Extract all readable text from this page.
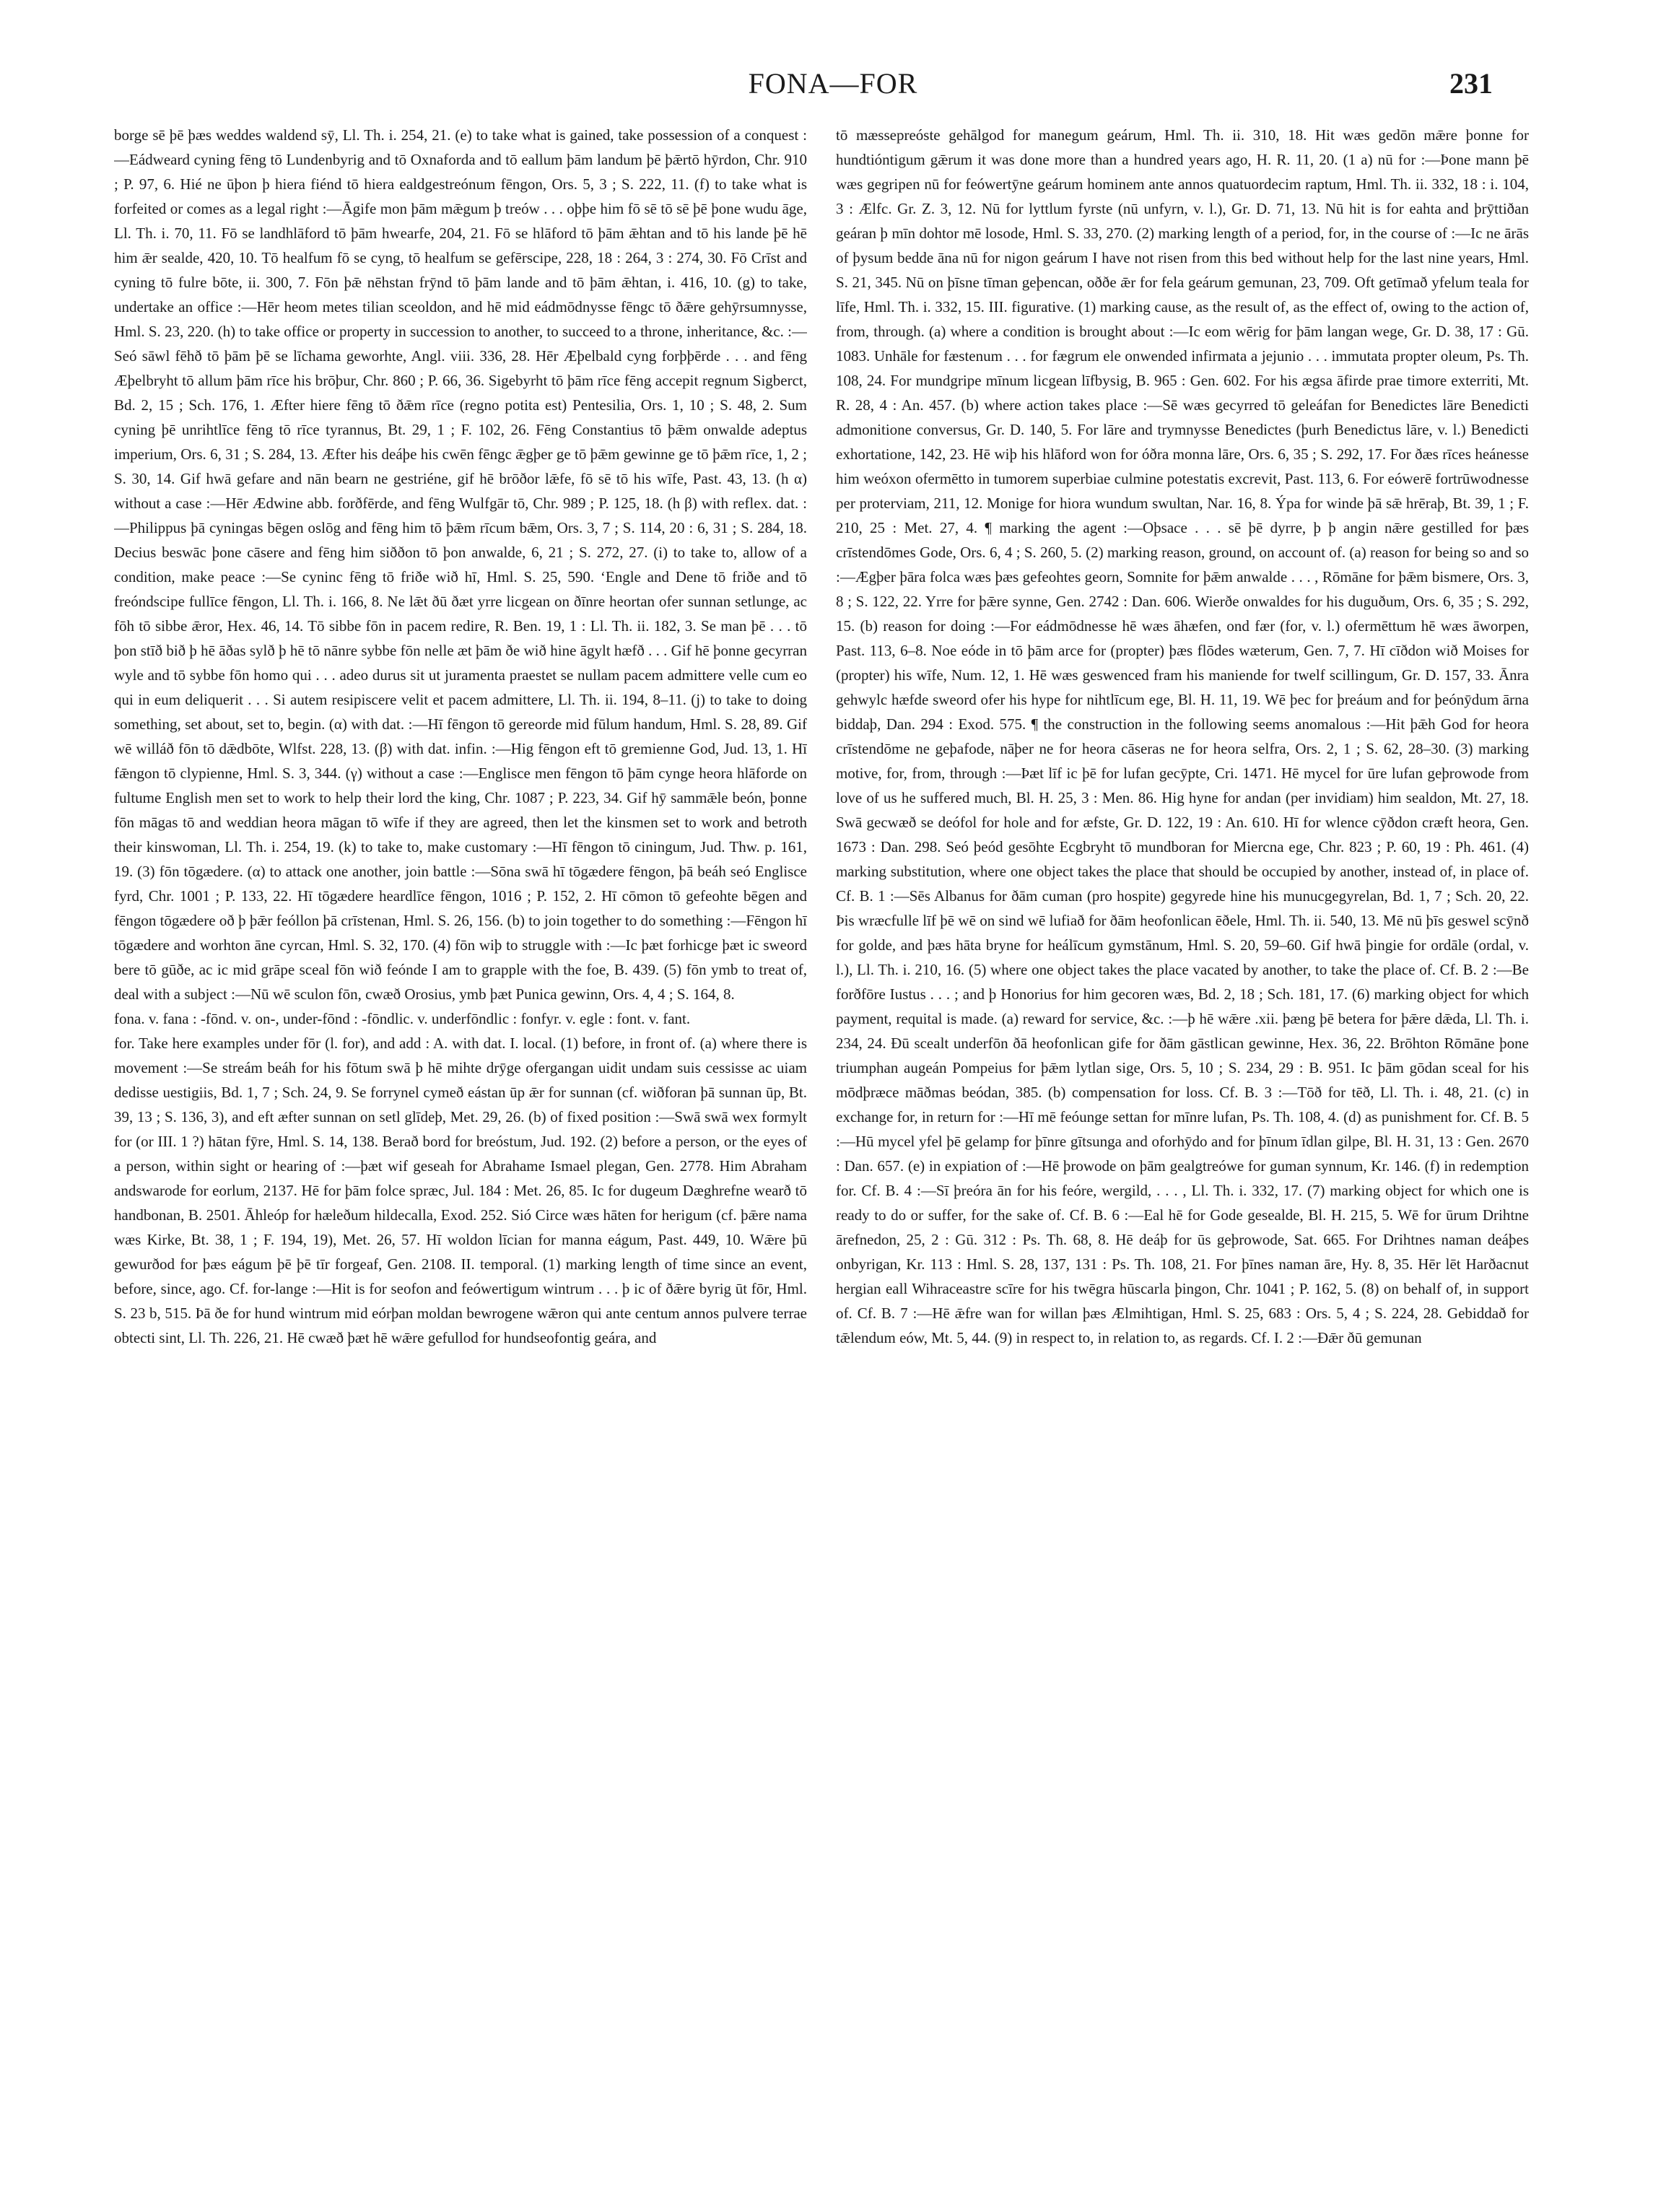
FONA—FOR	231

borge sē þē þæs weddes waldend sȳ, Ll. Th. i. 254, 21. (e) to take what is gained, take possession of a conquest :—Eádweard cyning fēng tō Lundenbyrig and tō Oxnaforda and tō eallum þām landum þē þǣrtō hȳrdon, Chr. 910 ; P. 97, 6. Hié ne ūþon þ hiera fiénd tō hiera ealdgestreónum fēngon, Ors. 5, 3 ; S. 222, 11. (f) to take what is forfeited or comes as a legal right :—Āgife mon þām mǣgum þ treów . . . oþþe him fō sē tō sē þē þone wudu āge, Ll. Th. i. 70, 11. Fō se landhlāford tō þām hwearfe, 204, 21. Fō se hlāford tō þām ǣhtan and tō his lande þē hē him ǣr sealde, 420, 10. Tō healfum fō se cyng, tō healfum se gefērscipe, 228, 18 : 264, 3 : 274, 30. Fō Crīst and cyning tō fulre bōte, ii. 300, 7. Fōn þǣ nēhstan frȳnd tō þām lande and tō þām ǣhtan, i. 416, 10. (g) to take, undertake an office :—Hēr heom metes tilian sceoldon, and hē mid eádmōdnysse fēngc tō ðǣre gehȳrsumnysse, Hml. S. 23, 220. (h) to take office or property in succession to another, to succeed to a throne, inheritance, &c. :—Seó sāwl fēhð tō þām þē se līchama geworhte, Angl. viii. 336, 28. Hēr Æþelbald cyng forþþērde . . . and fēng Æþelbryht tō allum þām rīce his brōþur, Chr. 860 ; P. 66, 36. Sigebyrht tō þām rīce fēng accepit regnum Sigberct, Bd. 2, 15 ; Sch. 176, 1. Æfter hiere fēng tō ðǣm rīce (regno potita est) Pentesilia, Ors. 1, 10 ; S. 48, 2. Sum cyning þē unrihtlīce fēng tō rīce tyrannus, Bt. 29, 1 ; F. 102, 26. Fēng Constantius tō þǣm onwalde adeptus imperium, Ors. 6, 31 ; S. 284, 13. Æfter his deáþe his cwēn fēngc ǣgþer ge tō þǣm gewinne ge tō þǣm rīce, 1, 2 ; S. 30, 14. Gif hwā gefare and nān bearn ne gestriéne, gif hē brōðor lǣfe, fō sē tō his wīfe, Past. 43, 13. (h α) without a case :—Hēr Ædwine abb. forðfērde, and fēng Wulfgār tō, Chr. 989 ; P. 125, 18. (h β) with reflex. dat. :—Philippus þā cyningas bēgen oslōg and fēng him tō þǣm rīcum bǣm, Ors. 3, 7 ; S. 114, 20 : 6, 31 ; S. 284, 18. Decius beswāc þone cāsere and fēng him siððon tō þon anwalde, 6, 21 ; S. 272, 27. (i) to take to, allow of a condition, make peace :—Se cyninc fēng tō friðe wið hī, Hml. S. 25, 590. ‘Engle and Dene tō friðe and tō freóndscipe fullīce fēngon, Ll. Th. i. 166, 8. Ne lǣt ðū ðæt yrre licgean on ðīnre heortan ofer sunnan setlunge, ac fōh tō sibbe ǣror, Hex. 46, 14. Tō sibbe fōn in pacem redire, R. Ben. 19, 1 : Ll. Th. ii. 182, 3. Se man þē . . . tō þon stīð bið þ hē āðas sylð þ hē tō nānre sybbe fōn nelle æt þām ðe wið hine āgylt hæfð . . . Gif hē þonne gecyrran wyle and tō sybbe fōn homo qui . . . adeo durus sit ut juramenta praestet se nullam pacem admittere velle cum eo qui in eum deliquerit . . . Si autem resipiscere velit et pacem admittere, Ll. Th. ii. 194, 8–11. (j) to take to doing something, set about, set to, begin. (α) with dat. :—Hī fēngon tō gereorde mid fūlum handum, Hml. S. 28, 89. Gif wē willáð fōn tō dǣdbōte, Wlfst. 228, 13. (β) with dat. infin. :—Hig fēngon eft tō gremienne God, Jud. 13, 1. Hī fǣngon tō clypienne, Hml. S. 3, 344. (γ) without a case :—Englisce men fēngon tō þām cynge heora hlāforde on fultume English men set to work to help their lord the king, Chr. 1087 ; P. 223, 34. Gif hȳ sammǣle beón, þonne fōn māgas tō and weddian heora māgan tō wīfe if they are agreed, then let the kinsmen set to work and betroth their kinswoman, Ll. Th. i. 254, 19. (k) to take to, make customary :—Hī fēngon tō ciningum, Jud. Thw. p. 161, 19. (3) fōn tōgædere. (α) to attack one another, join battle :—Sōna swā hī tōgædere fēngon, þā beáh seó Englisce fyrd, Chr. 1001 ; P. 133, 22. Hī tōgædere heardlīce fēngon, 1016 ; P. 152, 2. Hī cōmon tō gefeohte bēgen and fēngon tōgædere oð þ þǣr feóllon þā crīstenan, Hml. S. 26, 156. (b) to join together to do something :—Fēngon hī tōgædere and worhton āne cyrcan, Hml. S. 32, 170. (4) fōn wiþ to struggle with :—Ic þæt forhicge þæt ic sweord bere tō gūðe, ac ic mid grāpe sceal fōn wið feónde I am to grapple with the foe, B. 439. (5) fōn ymb to treat of, deal with a subject :—Nū wē sculon fōn, cwæð Orosius, ymb þæt Punica gewinn, Ors. 4, 4 ; S. 164, 8.

fona. v. fana : -fōnd. v. on-, under-fōnd : -fōndlic. v. underfōndlic : fonfyr. v. egle : font. v. fant.

for. Take here examples under fōr (l. for), and add : A. with dat. I. local. (1) before, in front of. (a) where there is movement :—Se streám beáh for his fōtum swā þ hē mihte drȳge ofergangan uidit undam suis cessisse ac uiam dedisse uestigiis, Bd. 1, 7 ; Sch. 24, 9. Se forrynel cymeð eástan ūp ǣr for sunnan (cf. wiðforan þā sunnan ūp, Bt. 39, 13 ; S. 136, 3), and eft æfter sunnan on setl glīdeþ, Met. 29, 26. (b) of fixed position :—Swā swā wex formylt for (or III. 1 ?) hātan fȳre, Hml. S. 14, 138. Berað bord for breóstum, Jud. 192. (2) before a person, or the eyes of a person, within sight or hearing of :—þæt wif geseah for Abrahame Ismael plegan, Gen. 2778. Him Abraham andswarode for eorlum, 2137. Hē for þām folce spræc, Jul. 184 : Met. 26, 85. Ic for dugeum Dæghrefne wearð tō handbonan, B. 2501. Āhleóp for hæleðum hildecalla, Exod. 252. Sió Circe wæs hāten for herigum (cf. þǣre nama wæs Kirke, Bt. 38, 1 ; F. 194, 19), Met. 26, 57. Hī woldon līcian for manna eágum, Past. 449, 10. Wǣre þū gewurðod for þæs eágum þē þē tīr forgeaf, Gen. 2108. II. temporal. (1) marking length of time since an event, before, since, ago. Cf. for-lange :—Hit is for seofon and feówertigum wintrum . . . þ ic of ðǣre byrig ūt fōr, Hml. S. 23 b, 515. Þā ðe for hund wintrum mid eórþan moldan bewrogene wǣron qui ante centum annos pulvere terrae obtecti sint, Ll. Th. 226, 21. Hē cwæð þæt hē wǣre gefullod for hundseofontig geára, and

tō mæssepreóste gehālgod for manegum geárum, Hml. Th. ii. 310, 18. Hit wæs gedōn mǣre þonne for hundtióntigum gǣrum it was done more than a hundred years ago, H. R. 11, 20. (1 a) nū for :—Þone mann þē wæs gegripen nū for feówertȳne geárum hominem ante annos quatuordecim raptum, Hml. Th. ii. 332, 18 : i. 104, 3 : Ælfc. Gr. Z. 3, 12. Nū for lyttlum fyrste (nū unfyrn, v. l.), Gr. D. 71, 13. Nū hit is for eahta and þrȳttiðan geáran þ mīn dohtor mē losode, Hml. S. 33, 270. (2) marking length of a period, for, in the course of :—Ic ne ārās of þysum bedde āna nū for nigon geárum I have not risen from this bed without help for the last nine years, Hml. S. 21, 345. Nū on þīsne tīman geþencan, oððe ǣr for fela geárum gemunan, 23, 709. Oft getīmað yfelum teala for līfe, Hml. Th. i. 332, 15. III. figurative. (1) marking cause, as the result of, as the effect of, owing to the action of, from, through. (a) where a condition is brought about :—Ic eom wērig for þām langan wege, Gr. D. 38, 17 : Gū. 1083. Unhāle for fæstenum . . . for fægrum ele onwended infirmata a jejunio . . . immutata propter oleum, Ps. Th. 108, 24. For mundgripe mīnum licgean līfbysig, B. 965 : Gen. 602. For his ægsa āfirde prae timore exterriti, Mt. R. 28, 4 : An. 457. (b) where action takes place :—Sē wæs gecyrred tō geleáfan for Benedictes lāre Benedicti admonitione conversus, Gr. D. 140, 5. For lāre and trymnysse Benedictes (þurh Benedictus lāre, v. l.) Benedicti exhortatione, 142, 23. Hē wiþ his hlāford won for óðra monna lāre, Ors. 6, 35 ; S. 292, 17. For ðæs rīces heánesse him weóxon ofermētto in tumorem superbiae culmine potestatis excrevit, Past. 113, 6. For eówerē fortrūwodnesse per proterviam, 211, 12. Monige for hiora wundum swultan, Nar. 16, 8. Ýpa for winde þā sǣ hrēraþ, Bt. 39, 1 ; F. 210, 25 : Met. 27, 4. ¶ marking the agent :—Oþsace . . . sē þē dyrre, þ þ angin nǣre gestilled for þæs crīstendōmes Gode, Ors. 6, 4 ; S. 260, 5. (2) marking reason, ground, on account of. (a) reason for being so and so :—Ægþer þāra folca wæs þæs gefeohtes georn, Somnite for þǣm anwalde . . . , Rōmāne for þǣm bismere, Ors. 3, 8 ; S. 122, 22. Yrre for þǣre synne, Gen. 2742 : Dan. 606. Wierðe onwaldes for his duguðum, Ors. 6, 35 ; S. 292, 15. (b) reason for doing :—For eádmōdnesse hē wæs āhæfen, ond fær (for, v. l.) ofermēttum hē wæs āworpen, Past. 113, 6–8. Noe eóde in tō þām arce for (propter) þæs flōdes wæterum, Gen. 7, 7. Hī cīðdon wið Moises for (propter) his wīfe, Num. 12, 1. Hē wæs geswenced fram his maniende for twelf scillingum, Gr. D. 157, 33. Ānra gehwylc hæfde sweord ofer his hype for nihtlīcum ege, Bl. H. 11, 19. Wē þec for þreáum and for þeónȳdum ārna biddaþ, Dan. 294 : Exod. 575. ¶ the construction in the following seems anomalous :—Hit þǣh God for heora crīstendōme ne geþafode, nāþer ne for heora cāseras ne for heora selfra, Ors. 2, 1 ; S. 62, 28–30. (3) marking motive, for, from, through :—Þæt līf ic þē for lufan gecȳpte, Cri. 1471. Hē mycel for ūre lufan geþrowode from love of us he suffered much, Bl. H. 25, 3 : Men. 86. Hig hyne for andan (per invidiam) him sealdon, Mt. 27, 18. Swā gecwæð se deófol for hole and for æfste, Gr. D. 122, 19 : An. 610. Hī for wlence cȳðdon cræft heora, Gen. 1673 : Dan. 298. Seó þeód gesōhte Ecgbryht tō mundboran for Miercna ege, Chr. 823 ; P. 60, 19 : Ph. 461. (4) marking substitution, where one object takes the place that should be occupied by another, instead of, in place of. Cf. B. 1 :—Sēs Albanus for ðām cuman (pro hospite) gegyrede hine his munucgegyrelan, Bd. 1, 7 ; Sch. 20, 22. Þis wræcfulle līf þē wē on sind wē lufiað for ðām heofonlican ēðele, Hml. Th. ii. 540, 13. Mē nū þīs geswel scȳnð for golde, and þæs hāta bryne for heálīcum gymstānum, Hml. S. 20, 59–60. Gif hwā þingie for ordāle (ordal, v. l.), Ll. Th. i. 210, 16. (5) where one object takes the place vacated by another, to take the place of. Cf. B. 2 :—Be forðfōre Iustus . . . ; and þ Honorius for him gecoren wæs, Bd. 2, 18 ; Sch. 181, 17. (6) marking object for which payment, requital is made. (a) reward for service, &c. :—þ hē wǣre .xii. þæng þē betera for þǣre dǣda, Ll. Th. i. 234, 24. Ðū scealt underfōn ðā heofonlican gife for ðām gāstlican gewinne, Hex. 36, 22. Brōhton Rōmāne þone triumphan augeán Pompeius for þǣm lytlan sige, Ors. 5, 10 ; S. 234, 29 : B. 951. Ic þām gōdan sceal for his mōdþræce māðmas beódan, 385. (b) compensation for loss. Cf. B. 3 :—Tōð for tēð, Ll. Th. i. 48, 21. (c) in exchange for, in return for :—Hī mē feóunge settan for mīnre lufan, Ps. Th. 108, 4. (d) as punishment for. Cf. B. 5 :—Hū mycel yfel þē gelamp for þīnre gītsunga and oforhȳdo and for þīnum īdlan gilpe, Bl. H. 31, 13 : Gen. 2670 : Dan. 657. (e) in expiation of :—Hē þrowode on þām gealgtreówe for guman synnum, Kr. 146. (f) in redemption for. Cf. B. 4 :—Sī þreóra ān for his feóre, wergild, . . . , Ll. Th. i. 332, 17. (7) marking object for which one is ready to do or suffer, for the sake of. Cf. B. 6 :—Eal hē for Gode gesealde, Bl. H. 215, 5. Wē for ūrum Drihtne ārefnedon, 25, 2 : Gū. 312 : Ps. Th. 68, 8. Hē deáþ for ūs geþrowode, Sat. 665. For Drihtnes naman deáþes onbyrigan, Kr. 113 : Hml. S. 28, 137, 131 : Ps. Th. 108, 21. For þīnes naman āre, Hy. 8, 35. Hēr lēt Harðacnut hergian eall Wihraceastre scīre for his twēgra hūscarla þingon, Chr. 1041 ; P. 162, 5. (8) on behalf of, in support of. Cf. B. 7 :—Hē ǣfre wan for willan þæs Ælmihtigan, Hml. S. 25, 683 : Ors. 5, 4 ; S. 224, 28. Gebiddað for tǣlendum eów, Mt. 5, 44. (9) in respect to, in relation to, as regards. Cf. I. 2 :—Ðǣr ðū gemunan
